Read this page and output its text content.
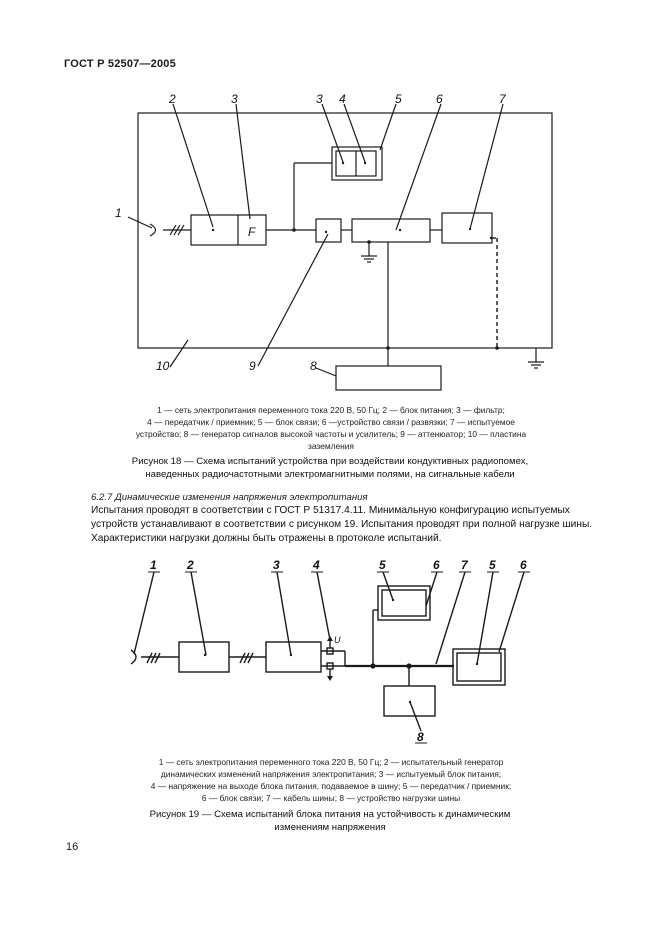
ГОСТ Р 52507—2005
2	3	3 4	5	6	7
1
F
9
10	8

1 — сеть электропитания переменного тока 220 В, 50 Гц; 2 — блок питания; 3 — фильтр;

4 — передатчик / приемник; 5 — блок связи; 6 —устройство связи / развязки; 7 — испытуемое

устройство; 8 — генератор сигналов высокой частоты и усилитель; 9 — аттенюатор; 10 — пластина

заземления

Рисунок 18 — Схема испытаний устройства при воздействии кондуктивных радиопомех,

наведенных радиочастотными электромагнитными полями, на сигнальные кабели

6.2.7 Динамические изменения напряжения электропитания

Испытания проводят в соответствии с ГОСТ Р 51317.4.11. Минимальную конфигурацию испытуемых

устройств устанавливают в соответствии с рисунком 19. Испытания проводят при полной нагрузке шины.

Характеристики нагрузки должны быть отражены в протоколе испытаний.

1	2	3	4	5	6 7 5 6
8
U

1 — сеть электропитания переменного тока 220 В, 50 Гц; 2 — испытательный генератор

динамических изменений напряжения электропитания; 3 — испытуемый блок питания;

4 — напряжение на выходе блока питания, подаваемое в шину; 5 — передатчик / приемник;

6 — блок связи; 7 — кабель шины; 8 — устройство нагрузки шины

Рисунок 19 — Схема испытаний блока питания на устойчивость к динамическим

изменениям напряжения

16
